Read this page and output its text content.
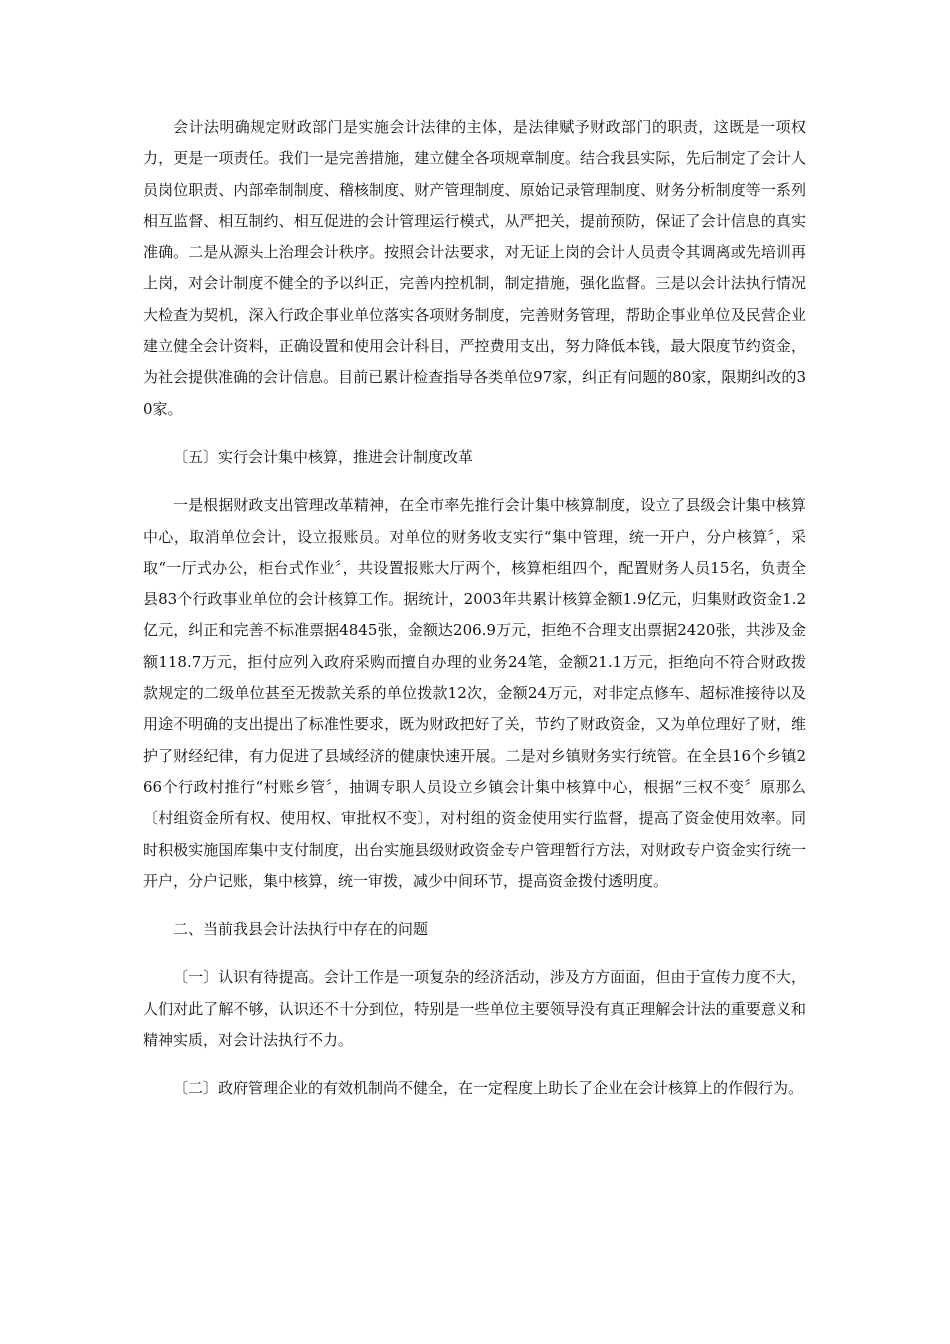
会计法明确规定财政部门是实施会计法律的主体，是法律赋予财政部门的职责，这既是一项权力，更是一项责任。我们一是完善措施，建立健全各项规章制度。结合我县实际，先后制定了会计人员岗位职责、内部牵制制度、稽核制度、财产管理制度、原始记录管理制度、财务分析制度等一系列相互监督、相互制约、相互促进的会计管理运行模式，从严把关，提前预防，保证了会计信息的真实准确。二是从源头上治理会计秩序。按照会计法要求，对无证上岗的会计人员责令其调离或先培训再上岗，对会计制度不健全的予以纠正，完善内控机制，制定措施，强化监督。三是以会计法执行情况大检查为契机，深入行政企事业单位落实各项财务制度，完善财务管理，帮助企事业单位及民营企业建立健全会计资料，正确设置和使用会计科目，严控费用支出，努力降低本钱，最大限度节约资金，为社会提供准确的会计信息。目前已累计检查指导各类单位97家，纠正有问题的80家，限期纠改的30家。

〔五〕实行会计集中核算，推进会计制度改革

一是根据财政支出管理改革精神，在全市率先推行会计集中核算制度，设立了县级会计集中核算中心，取消单位会计，设立报账员。对单位的财务收支实行“集中管理，统一开户，分户核算〞，采取“一厅式办公，柜台式作业〞，共设置报账大厅两个，核算柜组四个，配置财务人员15名，负责全县83个行政事业单位的会计核算工作。据统计，2003年共累计核算金额1.9亿元，归集财政资金1.2亿元，纠正和完善不标准票据4845张，金额达206.9万元，拒绝不合理支出票据2420张，共涉及金额118.7万元，拒付应列入政府采购而擅自办理的业务24笔，金额21.1万元，拒绝向不符合财政拨款规定的二级单位甚至无拨款关系的单位拨款12次，金额24万元，对非定点修车、超标准接待以及用途不明确的支出提出了标准性要求，既为财政把好了关，节约了财政资金，又为单位理好了财，维护了财经纪律，有力促进了县域经济的健康快速开展。二是对乡镇财务实行统管。在全县16个乡镇266个行政村推行“村账乡管〞，抽调专职人员设立乡镇会计集中核算中心，根据“三权不变〞原那么〔村组资金所有权、使用权、审批权不变〕，对村组的资金使用实行监督，提高了资金使用效率。同时积极实施国库集中支付制度，出台实施县级财政资金专户管理暂行方法，对财政专户资金实行统一开户，分户记账，集中核算，统一审拨，减少中间环节，提高资金拨付透明度。

二、当前我县会计法执行中存在的问题

〔一〕认识有待提高。会计工作是一项复杂的经济活动，涉及方方面面，但由于宣传力度不大，人们对此了解不够，认识还不十分到位，特别是一些单位主要领导没有真正理解会计法的重要意义和精神实质，对会计法执行不力。

〔二〕政府管理企业的有效机制尚不健全，在一定程度上助长了企业在会计核算上的作假行为。
